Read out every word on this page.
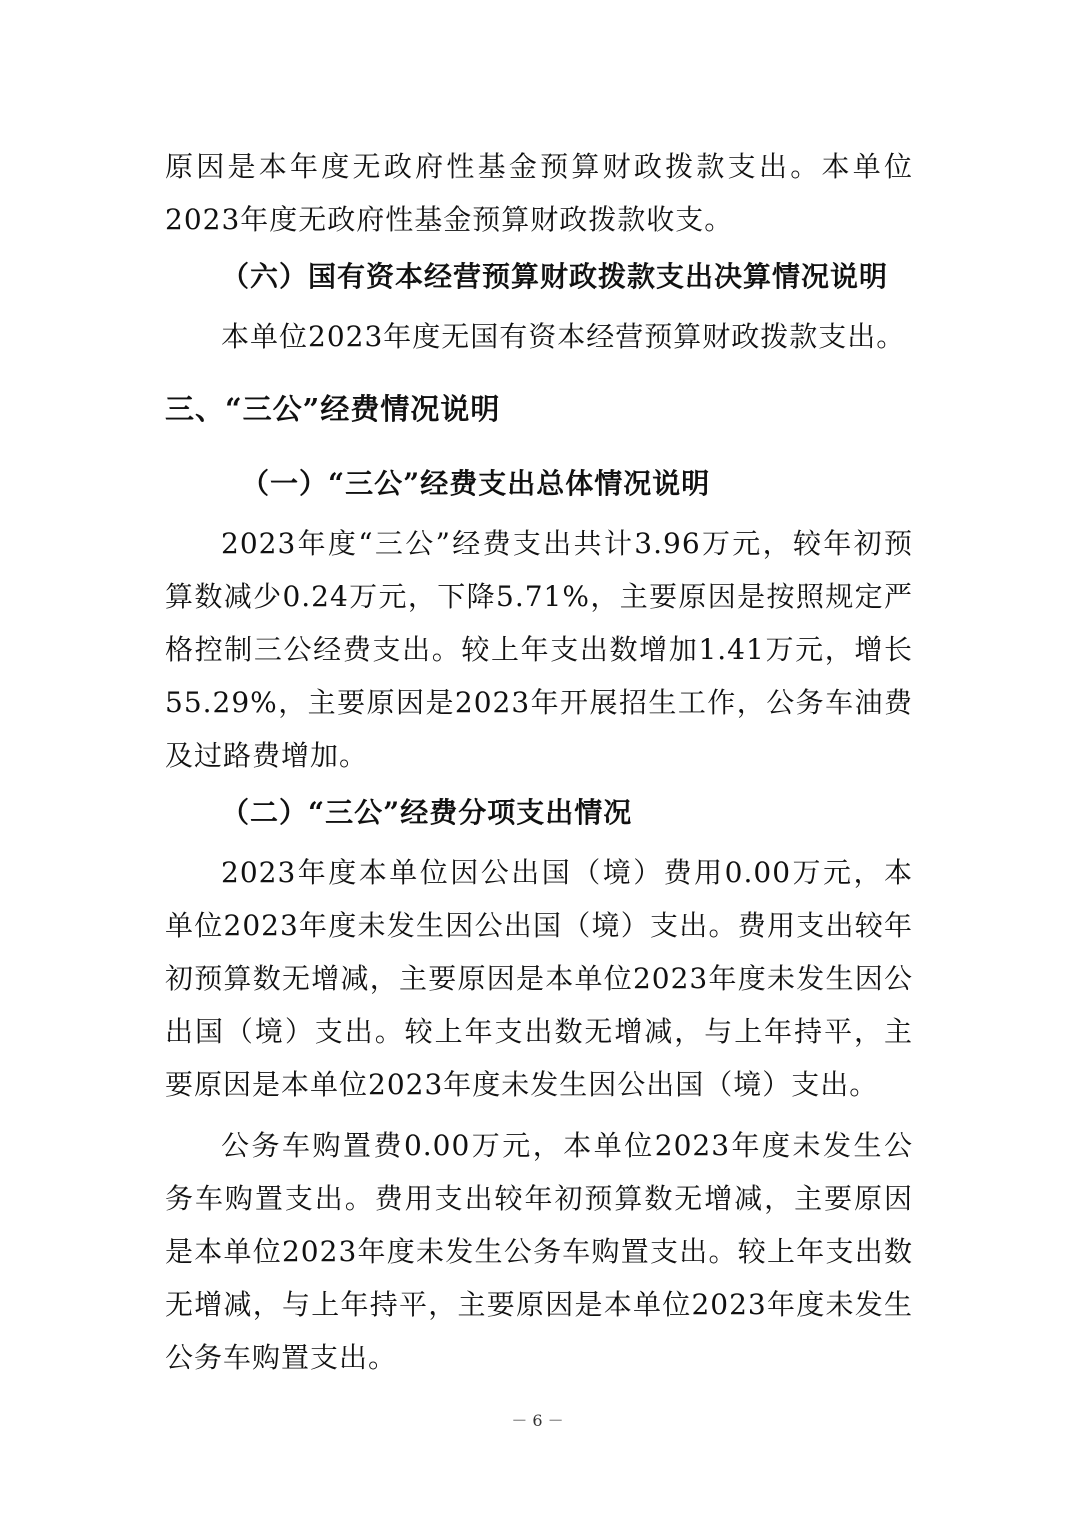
原因是本年度无政府性基金预算财政拨款支出。本单位2023年度无政府性基金预算财政拨款收支。

（六）国有资本经营预算财政拨款支出决算情况说明

本单位2023年度无国有资本经营预算财政拨款支出。

三、“三公”经费情况说明

（一）“三公”经费支出总体情况说明

2023年度“三公”经费支出共计3.96万元，较年初预算数减少0.24万元，下降5.71%，主要原因是按照规定严格控制三公经费支出。较上年支出数增加1.41万元，增长55.29%，主要原因是2023年开展招生工作，公务车油费及过路费增加。

（二）“三公”经费分项支出情况

2023年度本单位因公出国（境）费用0.00万元，本单位2023年度未发生因公出国（境）支出。费用支出较年初预算数无增减，主要原因是本单位2023年度未发生因公出国（境）支出。较上年支出数无增减，与上年持平，主要原因是本单位2023年度未发生因公出国（境）支出。

公务车购置费0.00万元，本单位2023年度未发生公务车购置支出。费用支出较年初预算数无增减，主要原因是本单位2023年度未发生公务车购置支出。较上年支出数无增减，与上年持平，主要原因是本单位2023年度未发生公务车购置支出。

－ 6 －
